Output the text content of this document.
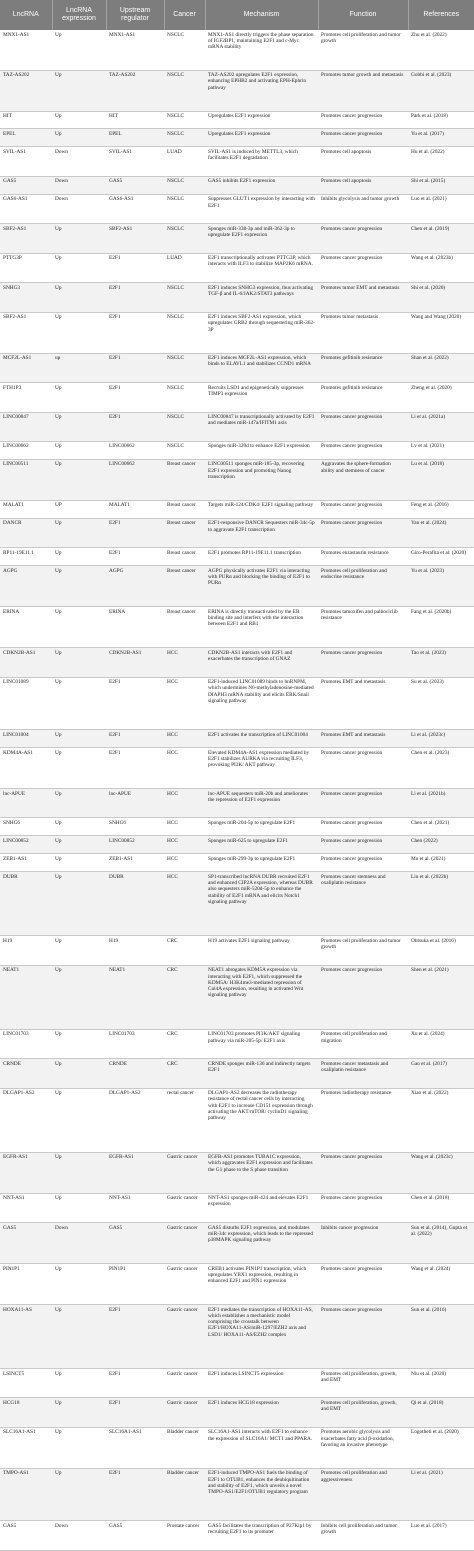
LncRNA	LncRNA expression	Upstream regulator	Cancer	Mechanism	Function	References
MNX1-AS1	Up	MNX1-AS1	NSCLC	MNX1-AS1 directly triggers the phase separation of IGF2BP1, maintaining E2F1 and c-Myc mRNA stability	Promotes cell proliferation and tumor growth	Zhu et al. (2022)
TAZ-AS202	Up	TAZ-AS202	NSCLC	TAZ-AS202 upregulates E2F1 expression, enhancing EPHB2 and activating EPH-Ephrin pathway	Promotes tumor growth and metastasis	Gobbi et al. (2023)
HIT	Up	HIT	NSCLC	Upregulates E2F1 expression	Promotes cancer progression	Park et al. (2018)
EPEL	Up	EPEL	NSCLC	Upregulates E2F1 expression	Promotes cancer progression	Yu et al. (2017)
SVIL-AS1	Down	SVIL-AS1	LUAD	SVIL-AS1 is induced by METTL3, which facilitates E2F1 degradation	Promotes cell apoptosis	Hu et al. (2022)
GAS5	Down	GAS5	NSCLC	GAS5 inhibits E2F1 expression	Promotes cell apoptosis	Shi et al. (2015)
GAS6-AS1	Down	GAS6-AS1	NSCLC	Suppresses GLUT1 expression by interacting with E2F1	Inhibits glycolysis and tumor growth	Luo et al. (2021)
SBF2-AS1	Up	SBF2-AS1	NSCLC	Sponges miR-338-3p and miR-362-3p to upregulate E2F1 expression	Promotes cancer progression	Chen et al. (2019)
PTTG3P	Up	E2F1	LUAD	E2F1 transcriptionally activates PTTG3P, which interacts with ILF3 to stabilize MAP2K6 mRNA.	Promotes cancer progression	Wang et al. (2023b)
SNHG3	Up	E2F1	NSCLC	E2F1 induces SNHG3 expression, thus activating TGF-β and IL-6/JAK2/STAT3 pathways	Promotes tumor EMT and metastasis	Shi et al. (2020)
SBF2-AS1	Up	E2F1	NSCLC	E2F1 induces SBF2-AS1 expression, which upregulates GRB2 through sequestering miR-362-3P	Promotes tumor metastasis	Wang and Wang (2020)
MCF2L-AS1	up	E2F1	NSCLC	E2F1 induces MCF2L-AS1 expression, which binds to ELAVL1 and stabilizes CCND1 mRNA	Promotes gefitinib resistance	Shan et al. (2022)
FTH1P3	Up	E2F1	NSCLC	Recruits LSD1 and epigenetically suppresses TIMP3 expression	Promotes gefitinib resistance	Zheng et al. (2020)
LINC00847	Up	E2F1	NSCLC	LINC00847 is transcriptionally activated by E2F1 and mediates miR-147a/IFITM1 axis	Promotes cancer progression	Li et al. (2021a)
LINC00662	Up	LINC00662	NSCLC	Sponges miR-320d to enhance E2F1 expression	Promotes cancer progression	Lv et al. (2021)
LINC00511	Up	LINC00662	Breast cancer	LINC00511 sponges miR-185-3p, recovering E2F1 expression and promoting Nanog transcription	Aggravates the sphere-formation ability and stemness of cancer	Lu et al. (2018)
MALAT1	UP	MALAT1	Breast cancer	Targets miR-124/CDK4/ E2F1 signaling pathway	Promotes cancer progression	Feng et al. (2016)
DANCR	Up	E2F1	Breast cancer	E2F1-responsive DANCR Sequesters miR-34c-5p to aggravate E2F1 transcription	Promotes cancer progression	Yan et al. (2024)
RP11-19E11.1	Up	E2F1	Breast cancer	E2F1 promotes RP11-19E11.1 transcription	Promotes enzastaurin resistance	Giro-Perafita et al. (2020)
AGPG	Up	AGPG	Breast cancer	AGPG physically activates E2F1 via interacting with PURα and blocking the binding of E2F1 to PURα	Promotes cell proliferation and endocrine resistance	Yu et al. (2023)
ERINA	Up	ERINA	Breast cancer	ERINA is directly transactivated by the ER binding site and interfers with the interaction between E2F1 and RB1	Promotes tamoxifen and palbociclib resistance	Fang et al. (2020b)
CDKN2B-AS1	Up	CDKN2B-AS1	HCC	CDKN2B-AS1 interacts with E2F1 and exacerbates the transcription of GNAZ	Promotes cancer progression	Tao et al. (2023)
LINC01089	Up	E2F1	HCC	E2F1-induced LINC01089 binds to hnRNPM, which undermines N6-methyladenosine-mediated DIAPH3 mRNA stability and elicits ERK/Snail signaling pathway	Promotes EMT and metastasis	Su et al. (2023)
LINC01004	Up	E2F1	HCC	E2F1 activates the transcription of LINC01004	Promotes EMT and metastasis	Li et al. (2023c)
KDM4A-AS1	Up	E2F1	HCC	Elevated KDM4A-AS1 expression mediated by E2F1 stabilizes AURKA via recruiting ILF3, provoking PI3K/ AKT pathway	Promotes cancer progression	Chen et al. (2023)
lnc-APUE	Up	lnc-APUE	HCC	lnc-APUE sequesters miR-20b and ameliorates the repression of E2F1 expression	Promotes cancer progression	Li et al. (2021b)
SNHG6	Up	SNHG6	HCC	Sponges miR-204-5p to upregulate E2F1	Promotes cancer progression	Chen et al. (2021)
LINC00852	Up	LINC00852	HCC	Sponges miR-625 to upregulate E2F1	Promotes cancer progression	Chen (2022)
ZEB1-AS1	Up	ZEB1-AS1	HCC	Sponges miR-299-3p to upregulate E2F1	Promotes cancer progression	Mu et al. (2021)
DUBR	Up	DUBR	HCC	SP1-transcribed lncRNA DUBR recruited E2F1 and enhanced CIP2A expression, whereas DUBR also sequesters miR-520d-5p to enhance the stability of E2F1 mRNA and elicits Notch1 signaling pathway	Promotes cancer stemness and oxaliplatin resistance	Liu et al. (2022b)
H19	Up	H19	CRC	H19 activates E2F1 signaling pathway	Promotes cell proliferation and tumor growth	Ohtsuka et al. (2016)
NEAT1	Up	NEAT1	CRC	NEAT1 abrogates KDM5A expression via interacting with E2F1, which suppressed the KDM5A/ H3K4me3-mediated repression of Cul4A expression, resulting in activated Wnt signaling pathway	Promotes cancer progression	Shen et al. (2021)
LINC01703	Up	LINC01703	CRC	LINC01703 promotes PI3K/AKT signaling pathway via miR-205-5p/ E2F1 axis	Promotes cell proliferation and migration	Xu et al. (2024)
CRNDE	Up	CRNDE	CRC	CRNDE sponges miR-136 and indirectly targets E2F1	Promotes cancer metastasis and oxaliplatin resistance	Gao et al. (2017)
DLGAP1-AS2	Up	DLGAP1-AS2	rectal cancer	DLGAP1-AS2 decreases the radiotherapy resistance of rectal cancer cells by interacting with E2F1 to increase CD151 expression through activating the AKT/mTOR/ cyclinD1 signaling pathway	Promotes radiotherapy resistance	Xiao et al. (2022)
EGFR-AS1	Up	EGFR-AS1	Gastric cancer	EGFR-AS1 promotes TUBA1C expression, which aggravates E2F1 expression and facilitates the G1 phase to the S phase transition	Promotes cancer progression	Wang et al. (2023c)
NNT-AS1	Up	NNT-AS1	Gastric cancer	NNT-AS1 sponges miR-424 and elevates E2F1 expression	Promotes cancer progression	Chen et al. (2018)
GAS5	Down	GAS5	Gastric cancer	GAS5 disturbs E2F1 expression, and modulates miR-34c expression, which leads to the repressed p38MAPK signaling pathway	Inhibits cancer progression	Sun et al. (2014), Gupta et al. (2022)
PIN1P1	Up	PIN1P1	Gastric cancer	CREB1 activates PIN1P1 transcription, which upregulates YBX1 expression, resulting in enhanced E2F1 and PIN1 expression	Promotes cancer progression	Wang et al. (2024)
HOXA11-AS	Up	E2F1	Gastric cancer	E2F1 mediates the transcription of HOXA11-AS, which establishes a mechanistic model comprising the crosstalk between E2F1/HOXA11-AS/miR-1297/EZH2 axis and LSD1/ HOXA11-AS/EZH2 complex	Promotes cancer progression	Sun et al. (2016)
LSINCT5	Up	E2F1	Gastric cancer	E2F1 induces LSINCT5 expression	Promotes cell proliferation, growth, and EMT	Niu et al. (2020)
HCG18	Up	E2F1	Gastric cancer	E2F1 induces HCG18 expression	Promotes cell proliferation, growth, and EMT	Qi et al. (2018)
SLC16A1-AS1	Up	SLC16A1-AS1	Bladder cancer	SLC16A1-AS1 interacts with E2F1 to enhance the expression of SLC16A1/ MCT1 and PPARA.	Promotes aerobic glycolysis and exacerbates fatty acid β-oxidation, favoring an invasive phenotype	Logotheti et al. (2020)
TMPO-AS1	Up	E2F1	Bladder cancer	E2F1-induced TMPO-AS1 fuels the binding of E2F1 to OTUB1, enhances the deubiquitination and stability of E2F1, which unveils a novel TMPO-AS1/E2F1/OTUB1 regulatory program	Promotes cell proliferation and aggressiveness	Li et al. (2021)
GAS5	Down	GAS5	Prostate cancer	GAS5 facilitates the transcription of P27Kip1 by recruiting E2F1 to its promoter	Inhibits cell proliferation and tumor growth	Luo et al. (2017)
